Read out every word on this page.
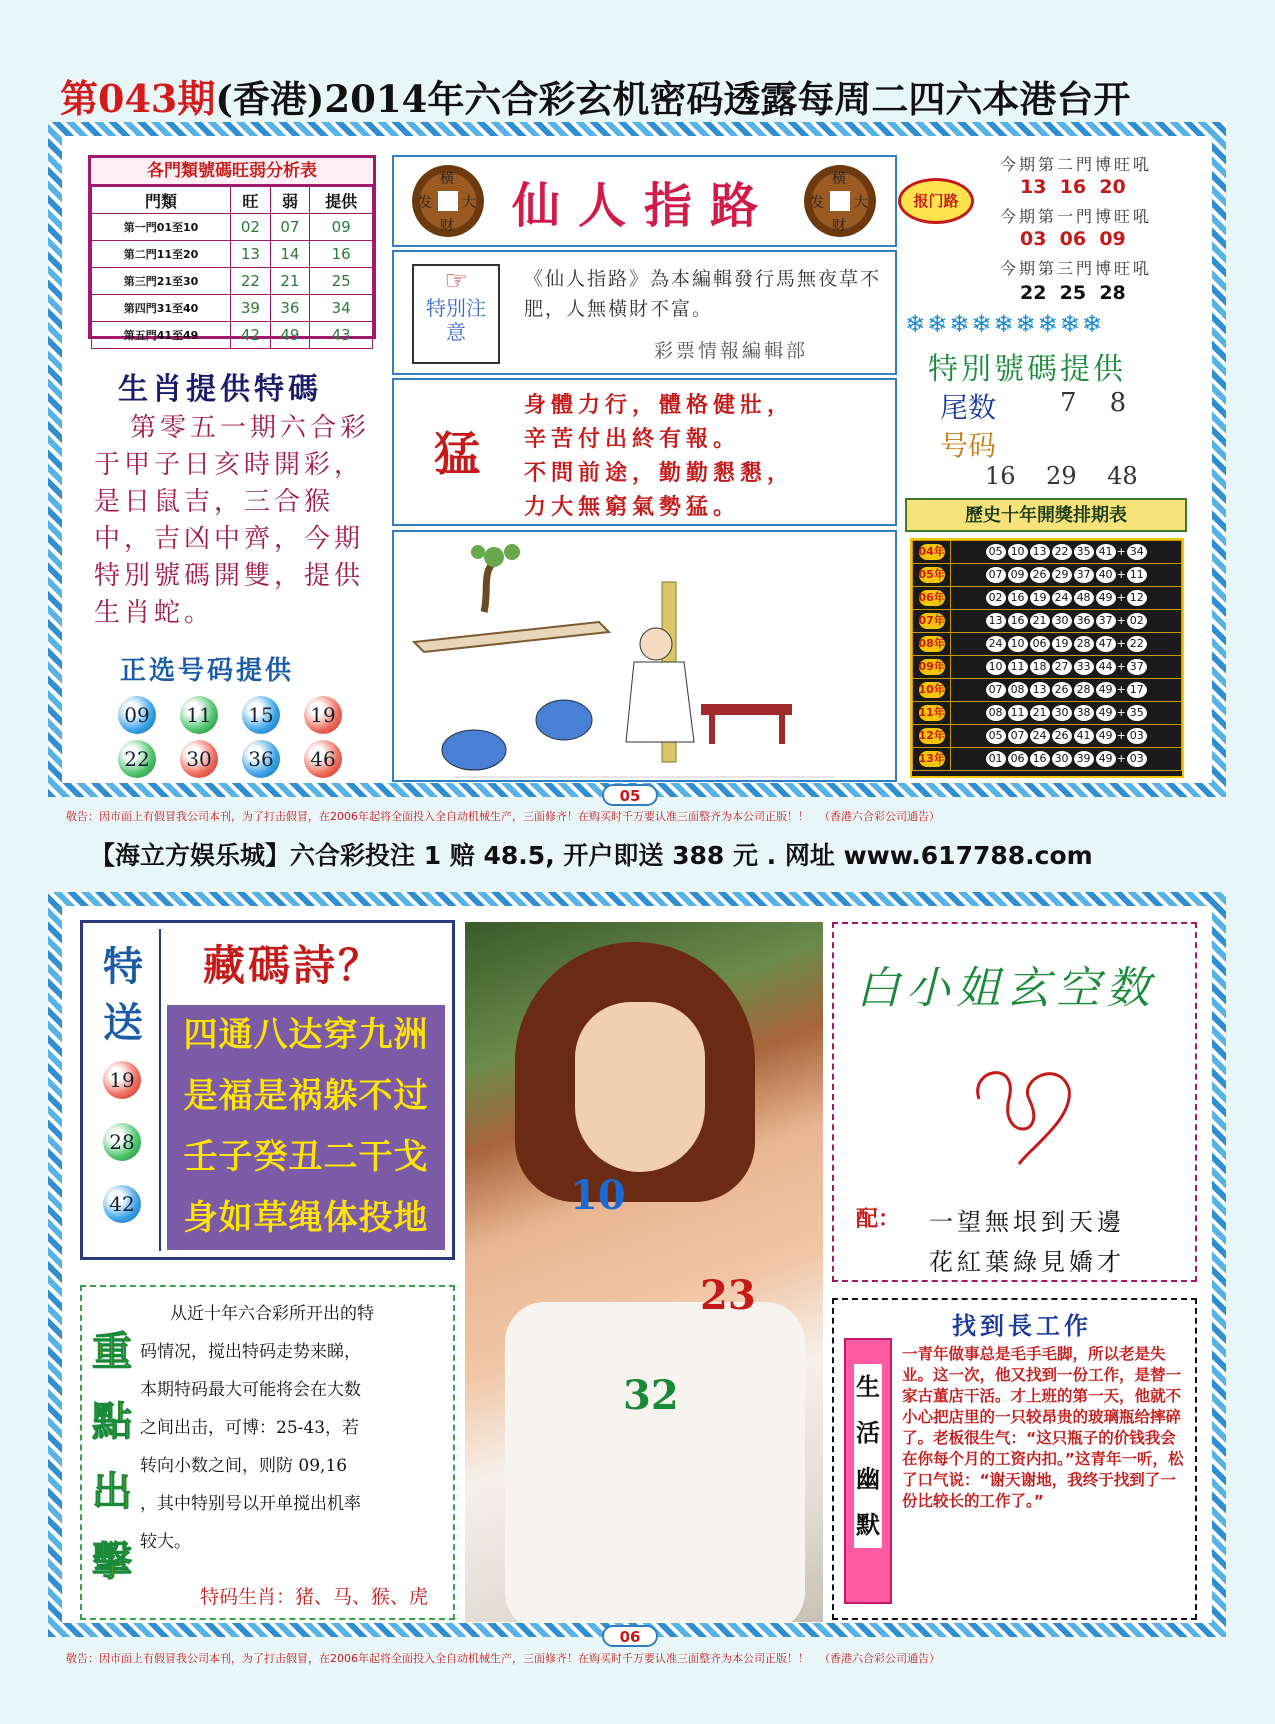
第043期(香港)2014年六合彩玄机密码透露每周二四六本港台开
各門類號碼旺弱分析表
門類	旺	弱	提供
第一門01至10	02	07	09
第二門11至20	13	14	16
第三門21至30	22	21	25
第四門31至40	39	36	34
第五門41至49	42	49	43
生肖提供特碼
第零五一期六合彩于甲子日亥時開彩，是日鼠吉，三合猴中，吉凶中齊，今期特別號碼開雙，提供生肖蛇。
正选号码提供
09	11	15	19
22	30	36	46
横
发 大
财	仙人指路	横
发 大
财
☞
特別注意
《仙人指路》為本編輯發行馬無夜草不肥，人無橫財不富。
彩票情報編輯部
猛
身體力行，體格健壯，
辛苦付出終有報。
不問前途，勤勤懇懇，
力大無窮氣勢猛。
报门路
今期第二門博旺吼
13  16  20
今期第一門博旺吼
03  06  09
今期第三門博旺吼
22  25  28
❄❄❄❄❄❄❄❄❄
特別號碼提供
尾数 7    8
号码
16    29    48
歷史十年開獎排期表
04年	05 10 13 22 35 41 + 34
05年	07 09 26 29 37 40 + 11
06年	02 16 19 24 48 49 + 12
07年	13 16 21 30 36 37 + 02
08年	24 10 06 19 28 47 + 22
09年	10 11 18 27 33 44 + 37
10年	07 08 13 26 28 49 + 17
11年	08 11 21 30 38 49 + 35
12年	05 07 24 26 41 49 + 03
13年	01 06 16 30 39 49 + 03
05
敬告：因市面上有假冒我公司本刊，为了打击假冒，在2006年起将全面投入全自动机械生产，三面修齐！在购买时千万要认准三面整齐为本公司正版！！ （香港六合彩公司通告）
【海立方娱乐城】六合彩投注 1 赔 48.5, 开户即送 388 元 . 网址 www.617788.com
特送
19
28
42
藏碼詩？
四通八达穿九洲
是福是祸躲不过
壬子癸丑二干戈
身如草绳体投地
重點出擊
从近十年六合彩所开出的特
码情况，搅出特码走势来睇，
本期特码最大可能将会在大数
之间出击，可博：25-43，若
转向小数之间，则防 09,16
，其中特别号以开单搅出机率
较大。
特码生肖：猪、马、猴、虎
10
23
32
白小姐玄空数
配： 一望無垠到天邊
花紅葉綠見嬌才
生活幽默
找到長工作
一青年做事总是毛手毛脚，所以老是失业。这一次，他又找到一份工作，是替一家古董店干活。才上班的第一天，他就不小心把店里的一只较昂贵的玻璃瓶给摔碎了。老板很生气：“这只瓶子的价钱我会在你每个月的工资内扣。”这青年一听，松了口气说：“谢天谢地，我终于找到了一份比较长的工作了。”
06
敬告：因市面上有假冒我公司本刊，为了打击假冒，在2006年起将全面投入全自动机械生产，三面修齐！在购买时千万要认准三面整齐为本公司正版！！ （香港六合彩公司通告）
